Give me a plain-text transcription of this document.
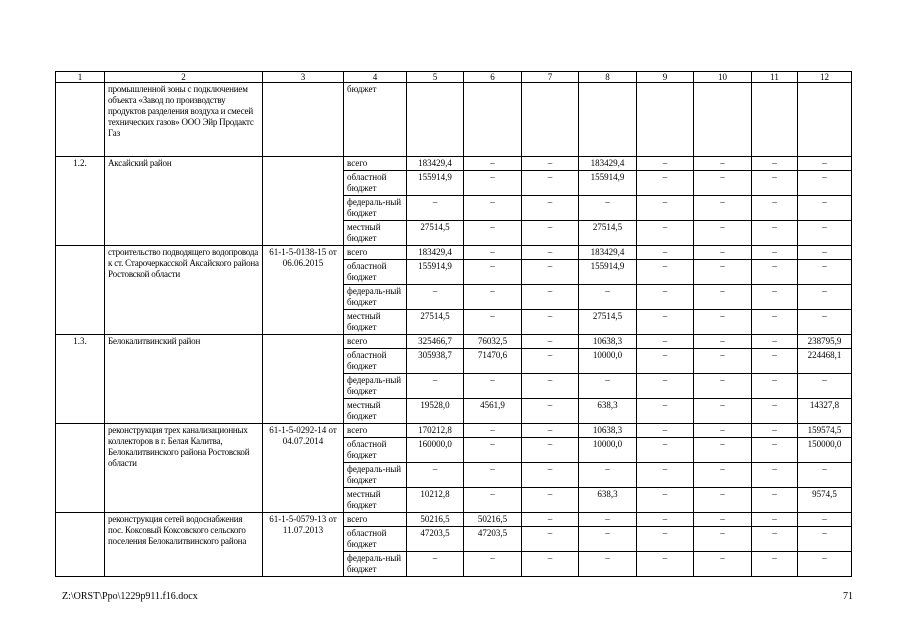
1	2	3	4	5	6	7	8	9	10	11	12
	промышленной зоны с подключением объекта «Завод по производству продуктов разделения воздуха и смесей технических газов» ООО Эйр Продактс Газ		бюджет								
1.2.	Аксайский район		всего	183429,4	–	–	183429,4	–	–	–	–
			областной бюджет	155914,9	–	–	155914,9	–	–	–	–
			федераль-ный бюджет	–	–	–	–	–	–	–	–
			местный бюджет	27514,5	–	–	27514,5	–	–	–	–
	строительство подводящего водопровода к ст. Старочеркасской Аксайского района Ростовской области	61-1-5-0138-15 от 06.06.2015	всего	183429,4	–	–	183429,4	–	–	–	–
			областной бюджет	155914,9	–	–	155914,9	–	–	–	–
			федераль-ный бюджет	–	–	–	–	–	–	–	–
			местный бюджет	27514,5	–	–	27514,5	–	–	–	–
1.3.	Белокалитвинский район		всего	325466,7	76032,5	–	10638,3	–	–	–	238795,9
			областной бюджет	305938,7	71470,6	–	10000,0	–	–	–	224468,1
			федераль-ный бюджет	–	–	–	–	–	–	–	–
			местный бюджет	19528,0	4561,9	–	638,3	–	–	–	14327,8
	реконструкция трех канализационных коллекторов в г. Белая Калитва, Белокалитвинского района Ростовской области	61-1-5-0292-14 от 04.07.2014	всего	170212,8	–	–	10638,3	–	–	–	159574,5
			областной бюджет	160000,0	–	–	10000,0	–	–	–	150000,0
			федераль-ный бюджет	–	–	–	–	–	–	–	–
			местный бюджет	10212,8	–	–	638,3	–	–	–	9574,5
	реконструкция сетей водоснабжения пос. Коксовый Коксовского сельского поселения Белокалитвинского района	61-1-5-0579-13 от 11.07.2013	всего	50216,5	50216,5	–	–	–	–	–	–
			областной бюджет	47203,5	47203,5	–	–	–	–	–	–
			федераль-ный бюджет	–	–	–	–	–	–	–	–
Z:\ORST\Ppo\1229p911.f16.docx	71
